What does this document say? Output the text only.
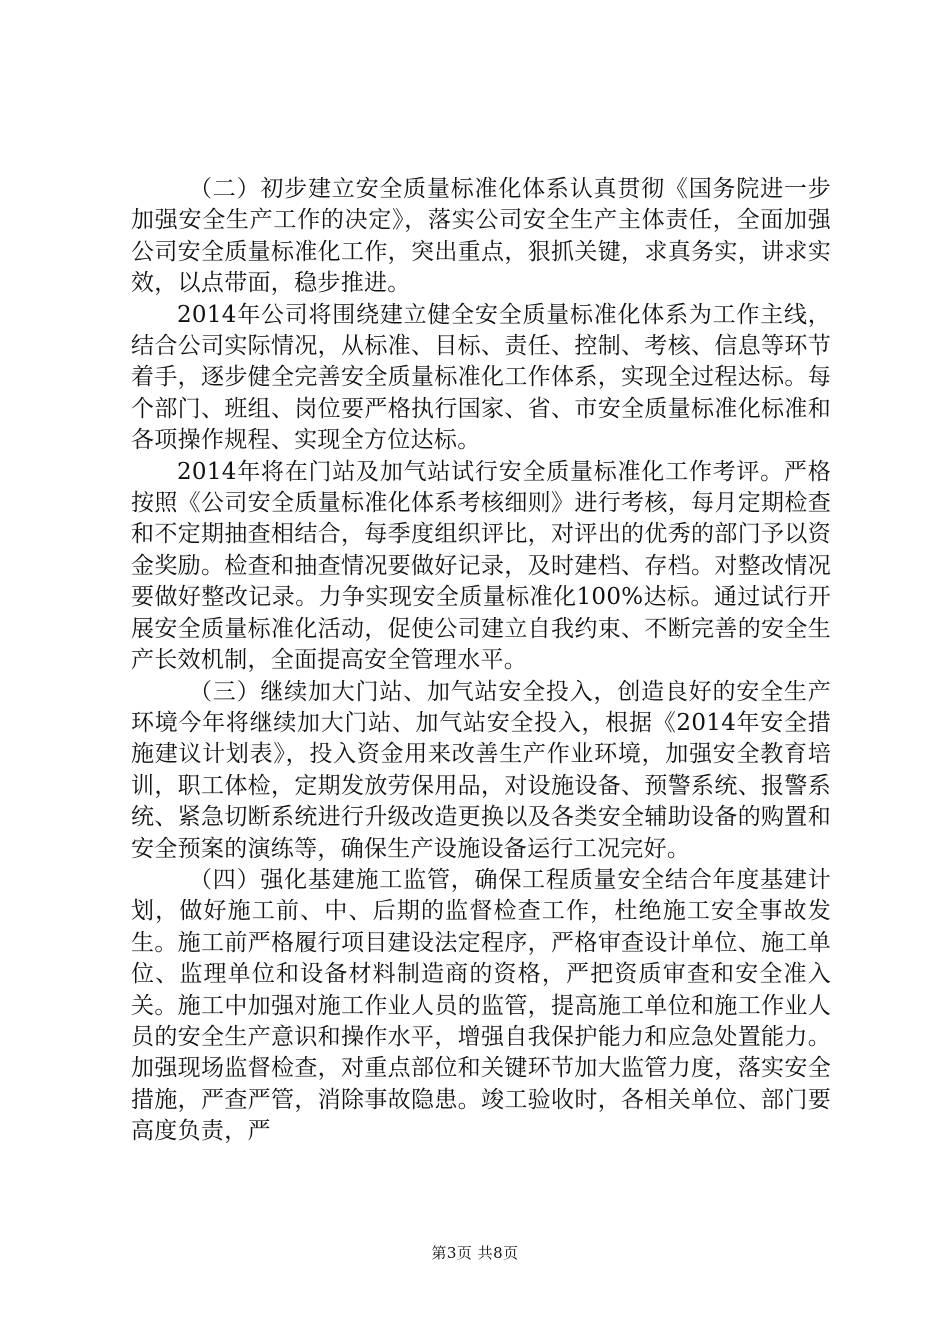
（二）初步建立安全质量标准化体系认真贯彻《国务院进一步加强安全生产工作的决定》，落实公司安全生产主体责任，全面加强公司安全质量标准化工作，突出重点，狠抓关键，求真务实，讲求实效，以点带面，稳步推进。

2014年公司将围绕建立健全安全质量标准化体系为工作主线，结合公司实际情况，从标准、目标、责任、控制、考核、信息等环节着手，逐步健全完善安全质量标准化工作体系，实现全过程达标。每个部门、班组、岗位要严格执行国家、省、市安全质量标准化标准和各项操作规程、实现全方位达标。

2014年将在门站及加气站试行安全质量标准化工作考评。严格按照《公司安全质量标准化体系考核细则》进行考核，每月定期检查和不定期抽查相结合，每季度组织评比，对评出的优秀的部门予以资金奖励。检查和抽查情况要做好记录，及时建档、存档。对整改情况要做好整改记录。力争实现安全质量标准化100%达标。通过试行开展安全质量标准化活动，促使公司建立自我约束、不断完善的安全生产长效机制，全面提高安全管理水平。

（三）继续加大门站、加气站安全投入，创造良好的安全生产环境今年将继续加大门站、加气站安全投入，根据《2014年安全措施建议计划表》，投入资金用来改善生产作业环境，加强安全教育培训，职工体检，定期发放劳保用品，对设施设备、预警系统、报警系统、紧急切断系统进行升级改造更换以及各类安全辅助设备的购置和安全预案的演练等，确保生产设施设备运行工况完好。

（四）强化基建施工监管，确保工程质量安全结合年度基建计划，做好施工前、中、后期的监督检查工作，杜绝施工安全事故发生。施工前严格履行项目建设法定程序，严格审查设计单位、施工单位、监理单位和设备材料制造商的资格，严把资质审查和安全准入关。施工中加强对施工作业人员的监管，提高施工单位和施工作业人员的安全生产意识和操作水平，增强自我保护能力和应急处置能力。加强现场监督检查，对重点部位和关键环节加大监管力度，落实安全措施，严查严管，消除事故隐患。竣工验收时，各相关单位、部门要高度负责，严

第3页 共8页
